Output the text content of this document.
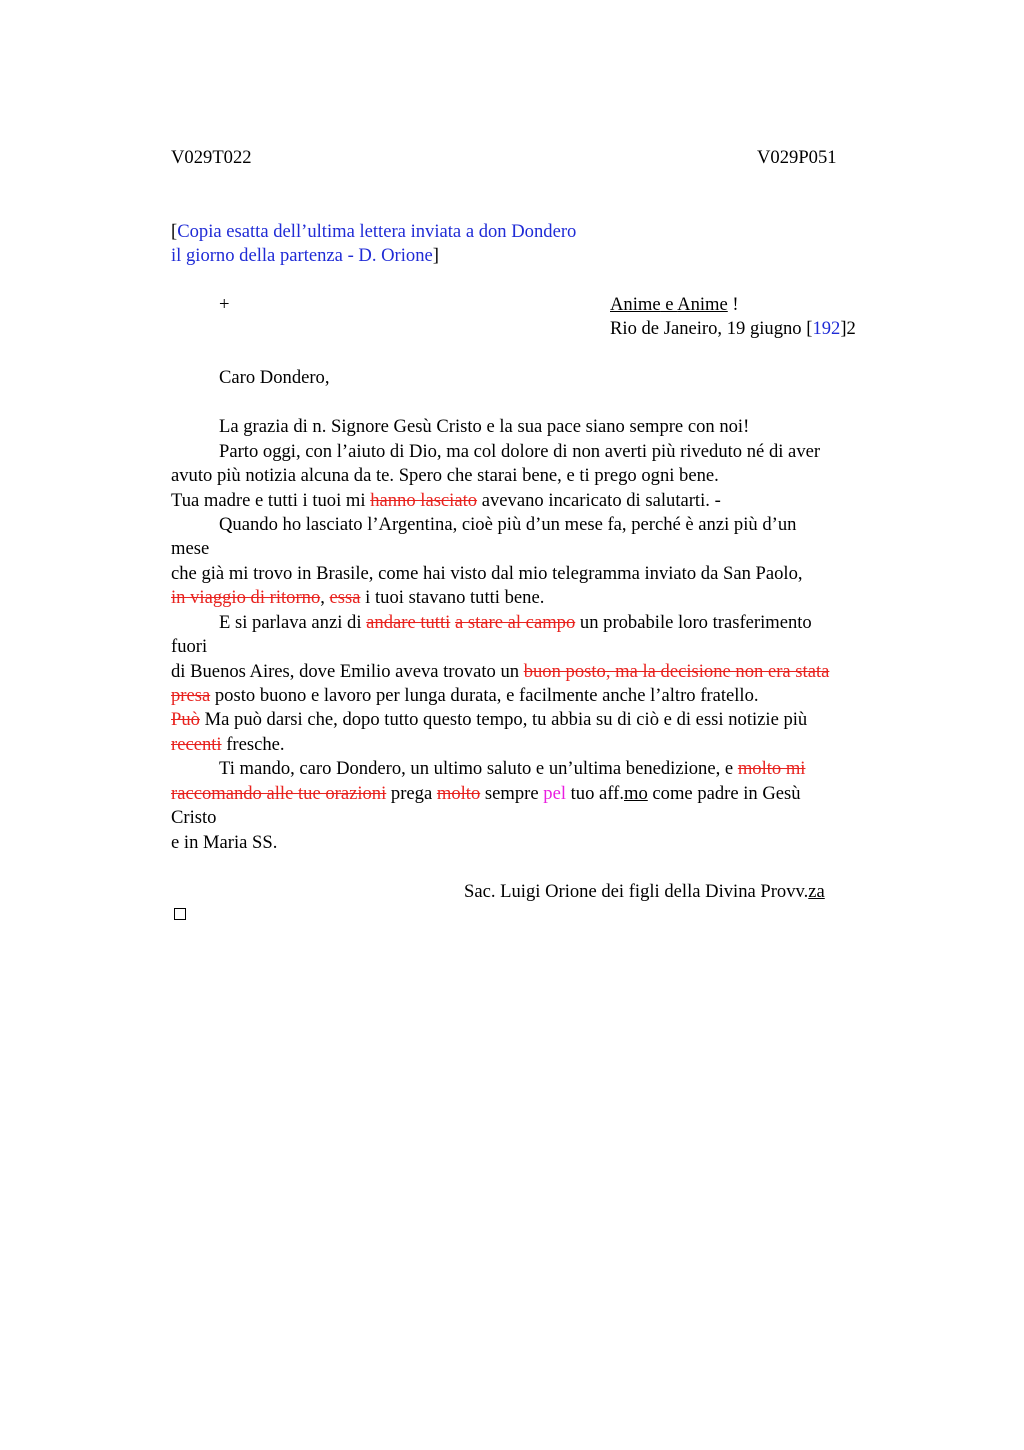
V029T022	V029P051
[Copia esatta dell’ultima lettera inviata a don Dondero
il giorno della partenza - D. Orione]
+	Anime e Anime !
Rio de Janeiro, 19 giugno [192]2
Caro Dondero,
La grazia di n. Signore Gesù Cristo e la sua pace siano sempre con noi!
Parto oggi, con l’aiuto di Dio, ma col dolore di non averti più riveduto né di aver
avuto più notizia alcuna da te. Spero che starai bene, e ti prego ogni bene.
Tua madre e tutti i tuoi mi hanno lasciato avevano incaricato di salutarti. -
Quando ho lasciato l’Argentina, cioè più d’un mese fa, perché è anzi più d’un
mese
che già mi trovo in Brasile, come hai visto dal mio telegramma inviato da San Paolo,
in viaggio di ritorno, essa i tuoi stavano tutti bene.
E si parlava anzi di andare tutti a stare al campo un probabile loro trasferimento
fuori
di Buenos Aires, dove Emilio aveva trovato un buon posto, ma la decisione non era stata
presa posto buono e lavoro per lunga durata, e facilmente anche l’altro fratello.
Può Ma può darsi che, dopo tutto questo tempo, tu abbia su di ciò e di essi notizie più
recenti fresche.
Ti mando, caro Dondero, un ultimo saluto e un’ultima benedizione, e molto mi
raccomando alle tue orazioni prega molto sempre pel tuo aff.mo come padre in Gesù
Cristo
e in Maria SS.
Sac. Luigi Orione dei figli della Divina Provv.za
